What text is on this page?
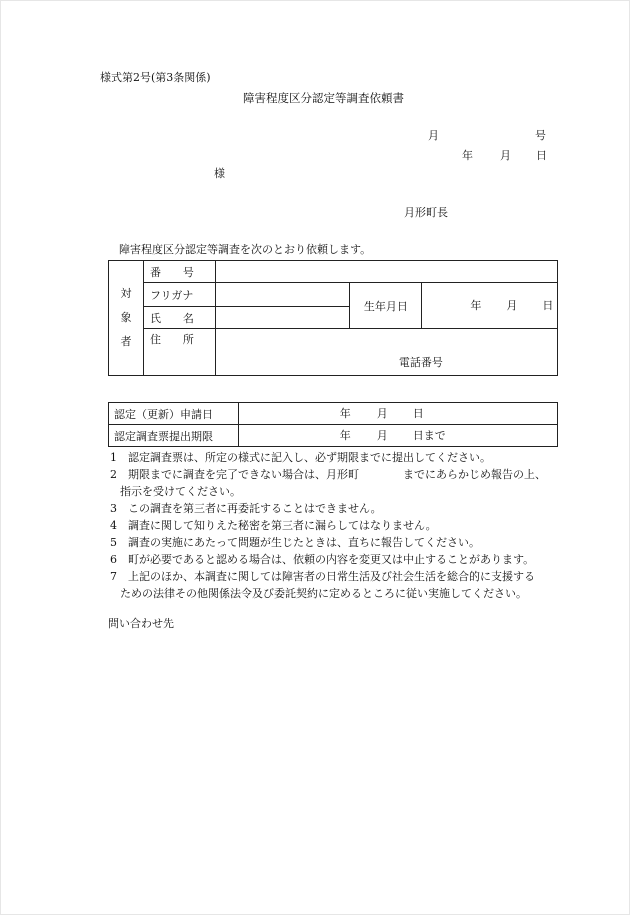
様式第2号(第3条関係)
障害程度区分認定等調査依頼書
月	号
年 月 日
様
月形町長
障害程度区分認定等調査を次のとおり依頼します。
対
象
者	番　　号			
	フリガナ		生年月日	年 月 日

	氏　　名			
	住　　所	電話番号		
認定（更新）申請日	年 月 日

認定調査票提出期限	年 月 日まで

1 認定調査票は、所定の様式に記入し、必ず期限までに提出してください。

2 期限までに調査を完了できない場合は、月形町　　　　までにあらかじめ報告の上、

指示を受けてください。

3 この調査を第三者に再委託することはできません。

4 調査に関して知りえた秘密を第三者に漏らしてはなりません。

5 調査の実施にあたって問題が生じたときは、直ちに報告してください。

6 町が必要であると認める場合は、依頼の内容を変更又は中止することがあります。

7 上記のほか、本調査に関しては障害者の日常生活及び社会生活を総合的に支援する

ための法律その他関係法令及び委託契約に定めるところに従い実施してください。

問い合わせ先
